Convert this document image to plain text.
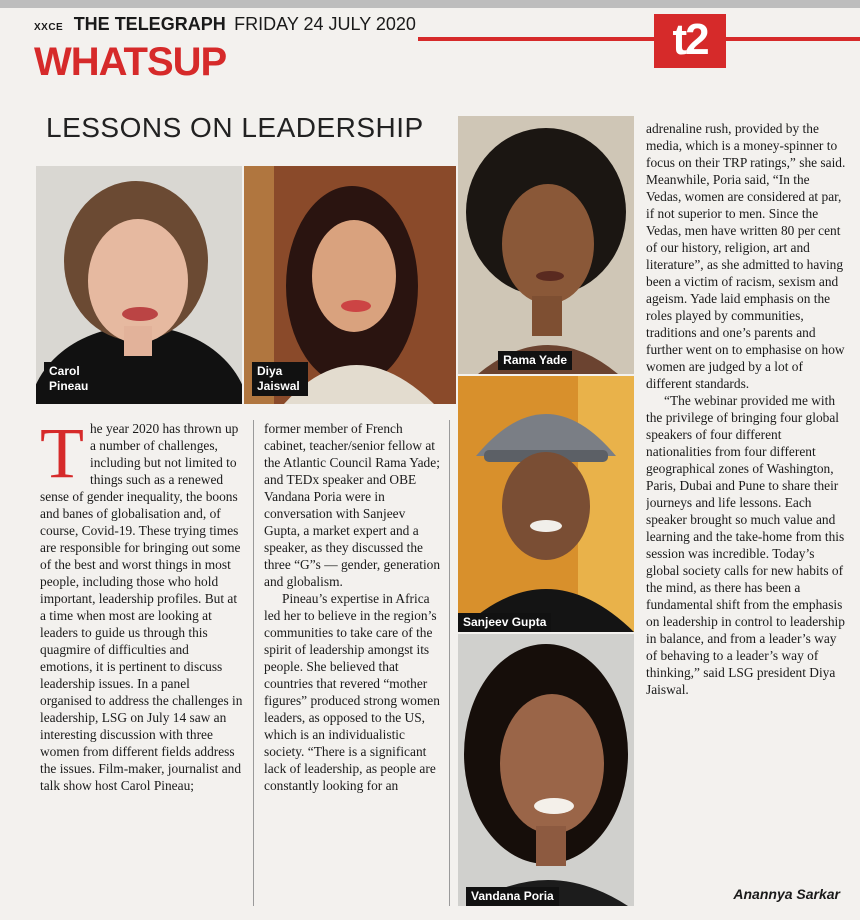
XXCE THE TELEGRAPH FRIDAY 24 JULY 2020	t2
WHATSUP
LESSONS ON LEADERSHIP
Carol Pineau
Diya Jaiswal
Rama Yade
Sanjeev Gupta
Vandana Poria

The year 2020 has thrown up a number of challenges, including but not limited to things such as a renewed sense of gender inequality, the boons and banes of globalisation and, of course, Covid-19. These trying times are responsible for bringing out some of the best and worst things in most people, including those who hold important, leadership profiles. But at a time when most are looking at leaders to guide us through this quagmire of difficulties and emotions, it is pertinent to discuss leadership issues. In a panel organised to address the challenges in leadership, LSG on July 14 saw an interesting discussion with three women from different fields address the issues. Film-maker, journalist and talk show host Carol Pineau;

former member of French cabinet, teacher/senior fellow at the Atlantic Council Rama Yade; and TEDx speaker and OBE Vandana Poria were in conversation with Sanjeev Gupta, a market expert and a speaker, as they discussed the three “G”s — gender, generation and globalism.

Pineau’s expertise in Africa led her to believe in the region’s communities to take care of the spirit of leadership amongst its people. She believed that countries that revered “mother figures” produced strong women leaders, as opposed to the US, which is an individualistic society. “There is a significant lack of leadership, as people are constantly looking for an

adrenaline rush, provided by the media, which is a money-spinner to focus on their TRP ratings,” she said. Meanwhile, Poria said, “In the Vedas, women are considered at par, if not superior to men. Since the Vedas, men have written 80 per cent of our history, religion, art and literature”, as she admitted to having been a victim of racism, sexism and ageism. Yade laid emphasis on the roles played by communities, traditions and one’s parents and further went on to emphasise on how women are judged by a lot of different standards.

“The webinar provided me with the privilege of bringing four global speakers of four different nationalities from four different geographical zones of Washington, Paris, Dubai and Pune to share their journeys and life lessons. Each speaker brought so much value and learning and the take-home from this session was incredible. Today’s global society calls for new habits of the mind, as there has been a fundamental shift from the emphasis on leadership in control to leadership in balance, and from a leader’s way of behaving to a leader’s way of thinking,” said LSG president Diya Jaiswal.

Anannya Sarkar
